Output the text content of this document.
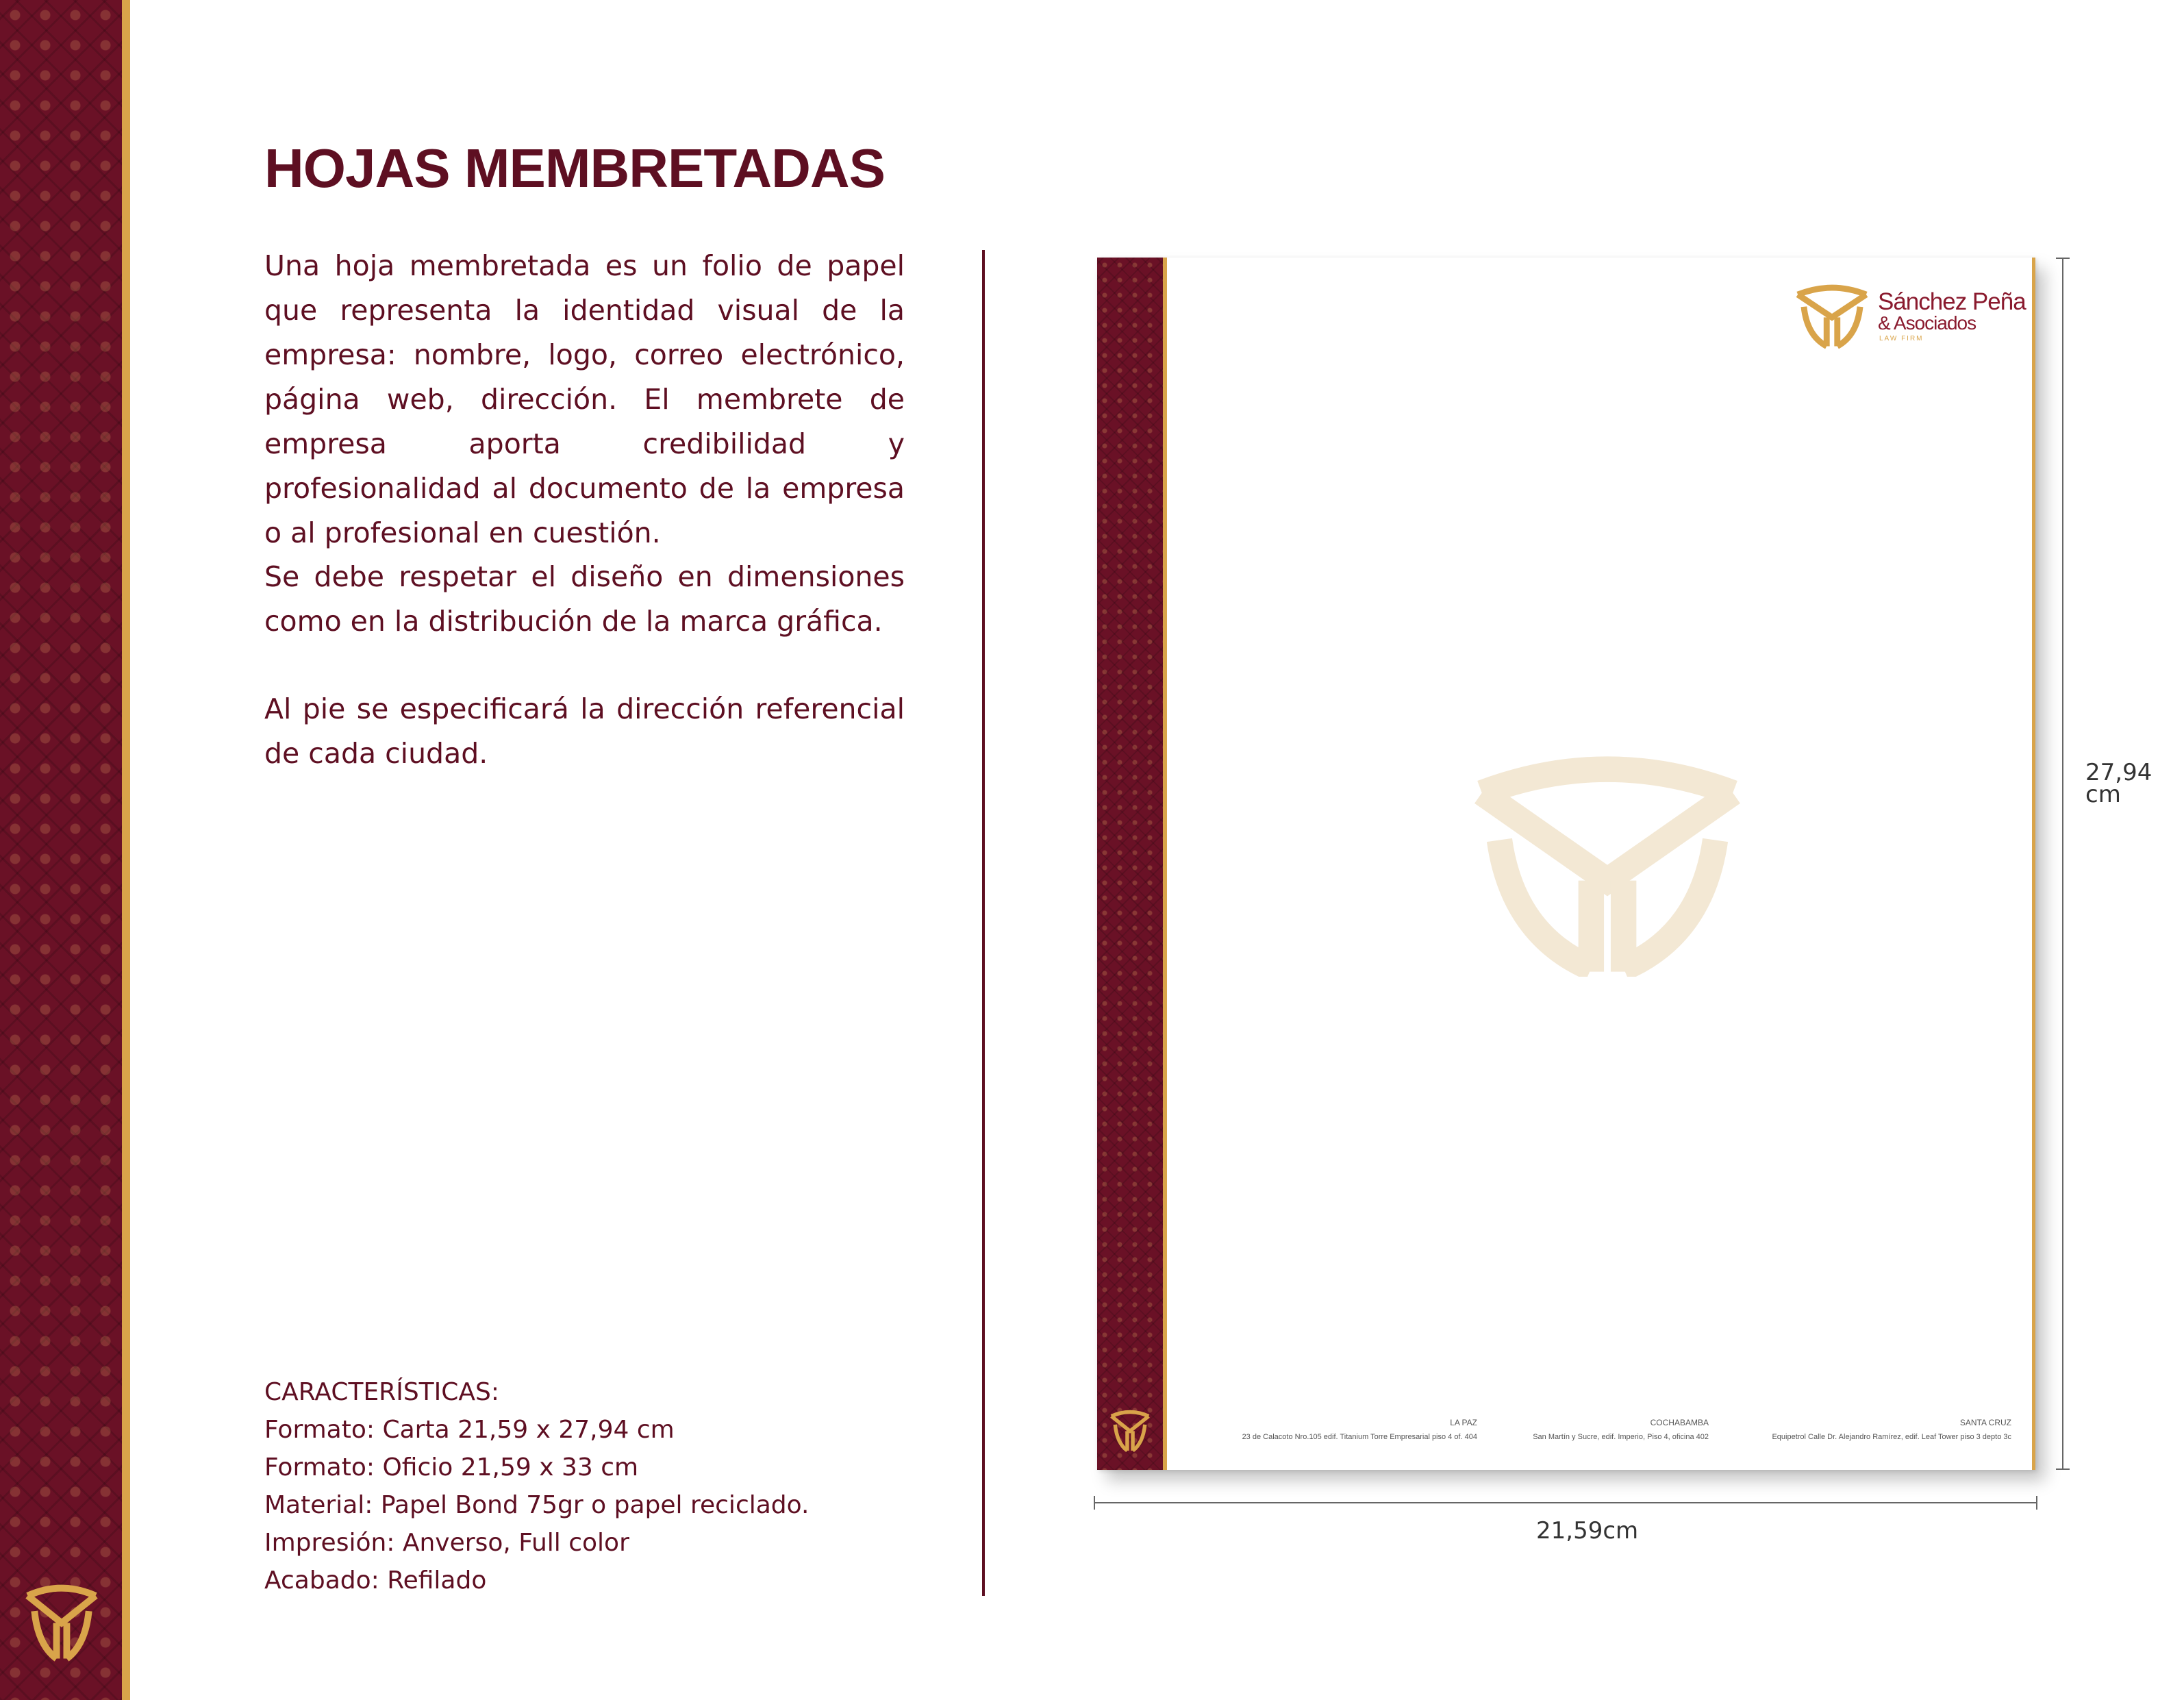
HOJAS MEMBRETADAS

Una hoja membretada es un folio de papel que representa la identidad visual de la empresa: nombre, logo, correo electrónico, página web, dirección. El membrete de empresa aporta credibilidad y profesionalidad al documento de la empresa o al profesional en cuestión.

Se debe respetar el diseño en dimensiones como en la distribución de la marca gráfica.

Al pie se especificará la dirección referencial de cada ciudad.

CARACTERÍSTICAS:
Formato: Carta 21,59 x 27,94 cm
Formato: Oficio 21,59 x 33 cm
Material: Papel Bond 75gr o papel reciclado.
Impresión: Anverso, Full color
Acabado: Refilado
Sánchez Peña
& Asociados
LAW FIRM
LA PAZ
23 de Calacoto Nro.105 edif. Titanium Torre Empresarial piso 4 of. 404
COCHABAMBA
San Martín y Sucre, edif. Imperio, Piso 4, oficina 402
SANTA CRUZ
Equipetrol Calle Dr. Alejandro Ramírez, edif. Leaf Tower piso 3 depto 3c
27,94
cm
21,59cm
